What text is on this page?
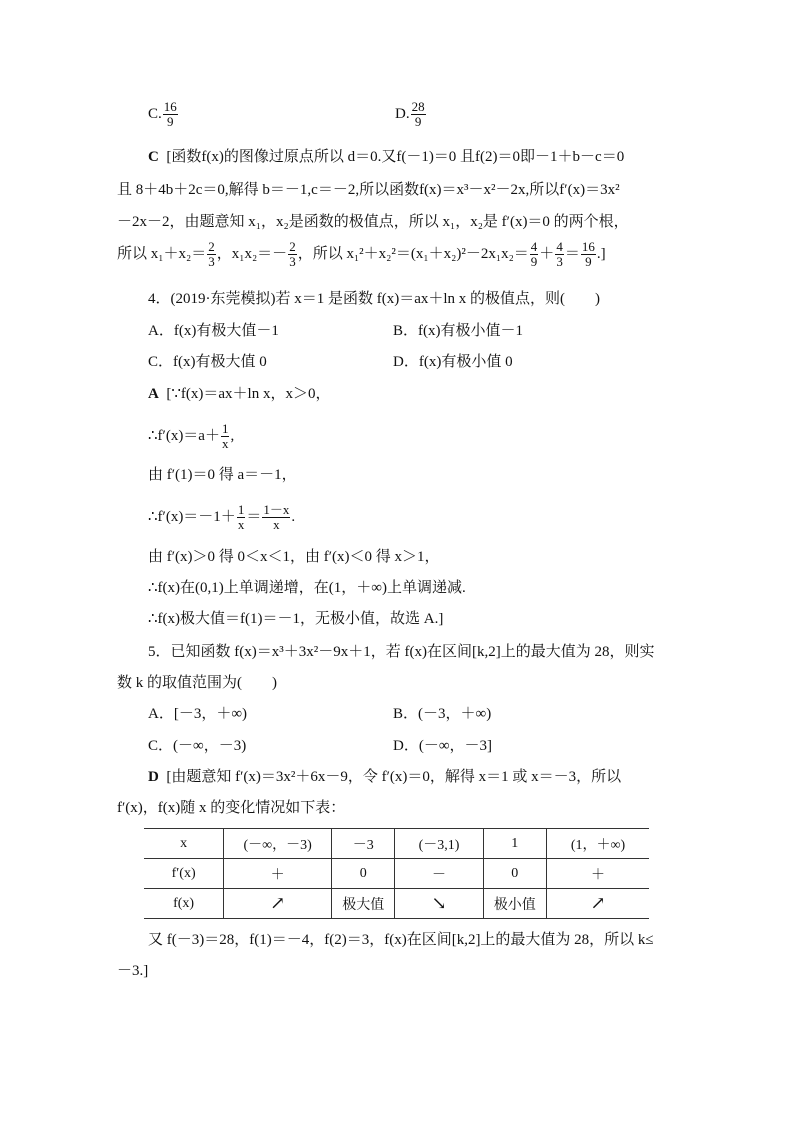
C. $\frac{16}{9}$	D. $\frac{28}{9}$
C [函数f(x)的图像过原点所以 d＝0.又f(－1)＝0 且f(2)＝0即－1＋b－c＝0
且 8＋4b＋2c＝0,解得 b＝－1,c＝－2,所以函数f(x)＝x³－x²－2x,所以f′(x)＝3x²
－2x－2，由题意知 x₁，x₂是函数的极值点，所以 x₁，x₂是 f′(x)＝0 的两个根，
所以 $x_1+x_2= \frac{2}{3}$ ，$x_1x_2=- \frac{2}{3}$ ，所以 $x_1^2+x_2^2=(x_1+x_2)^2-2x_1x_2= \frac{4}{9} + \frac{4}{3} = \frac{16}{9}$ .]
4．(2019·东莞模拟)若 x＝1 是函数 f(x)＝ax＋ln x 的极值点，则(　　)
A．f(x)有极大值－1	B．f(x)有极小值－1
C．f(x)有极大值 0	D．f(x)有极小值 0
A [∵f(x)＝ax＋ln x，x＞0，
∴f′(x)＝a＋ $\frac{1}{x}$ ,
由 f′(1)＝0 得 a＝－1，
∴f′(x)＝－1＋ $\frac{1}{x} = \frac{1-x}{x}$ .
由 f′(x)＞0 得 0＜x＜1，由 f′(x)＜0 得 x＞1，
∴f(x)在(0,1)上单调递增，在(1，＋∞)上单调递减.
∴f(x)极大值＝f(1)＝－1，无极小值，故选 A.]
5．已知函数 f(x)＝x³＋3x²－9x＋1，若 f(x)在区间[k,2]上的最大值为 28，则实
数 k 的取值范围为(　　)
A．[－3，＋∞)	B．(－3，＋∞)
C．(－∞，－3)	D．(－∞，－3]
D [由题意知 f′(x)＝3x²＋6x－9，令 f′(x)＝0，解得 x＝1 或 x＝－3，所以
f′(x)，f(x)随 x 的变化情况如下表：
x	(－∞，－3)	－3	(－3,1)	1	(1，＋∞)
f′(x)	＋	0	－	0	＋
f(x)	↗	极大值	↘	极小值	↗
又 f(－3)＝28，f(1)＝－4，f(2)＝3，f(x)在区间[k,2]上的最大值为 28，所以 k≤
－3.]
